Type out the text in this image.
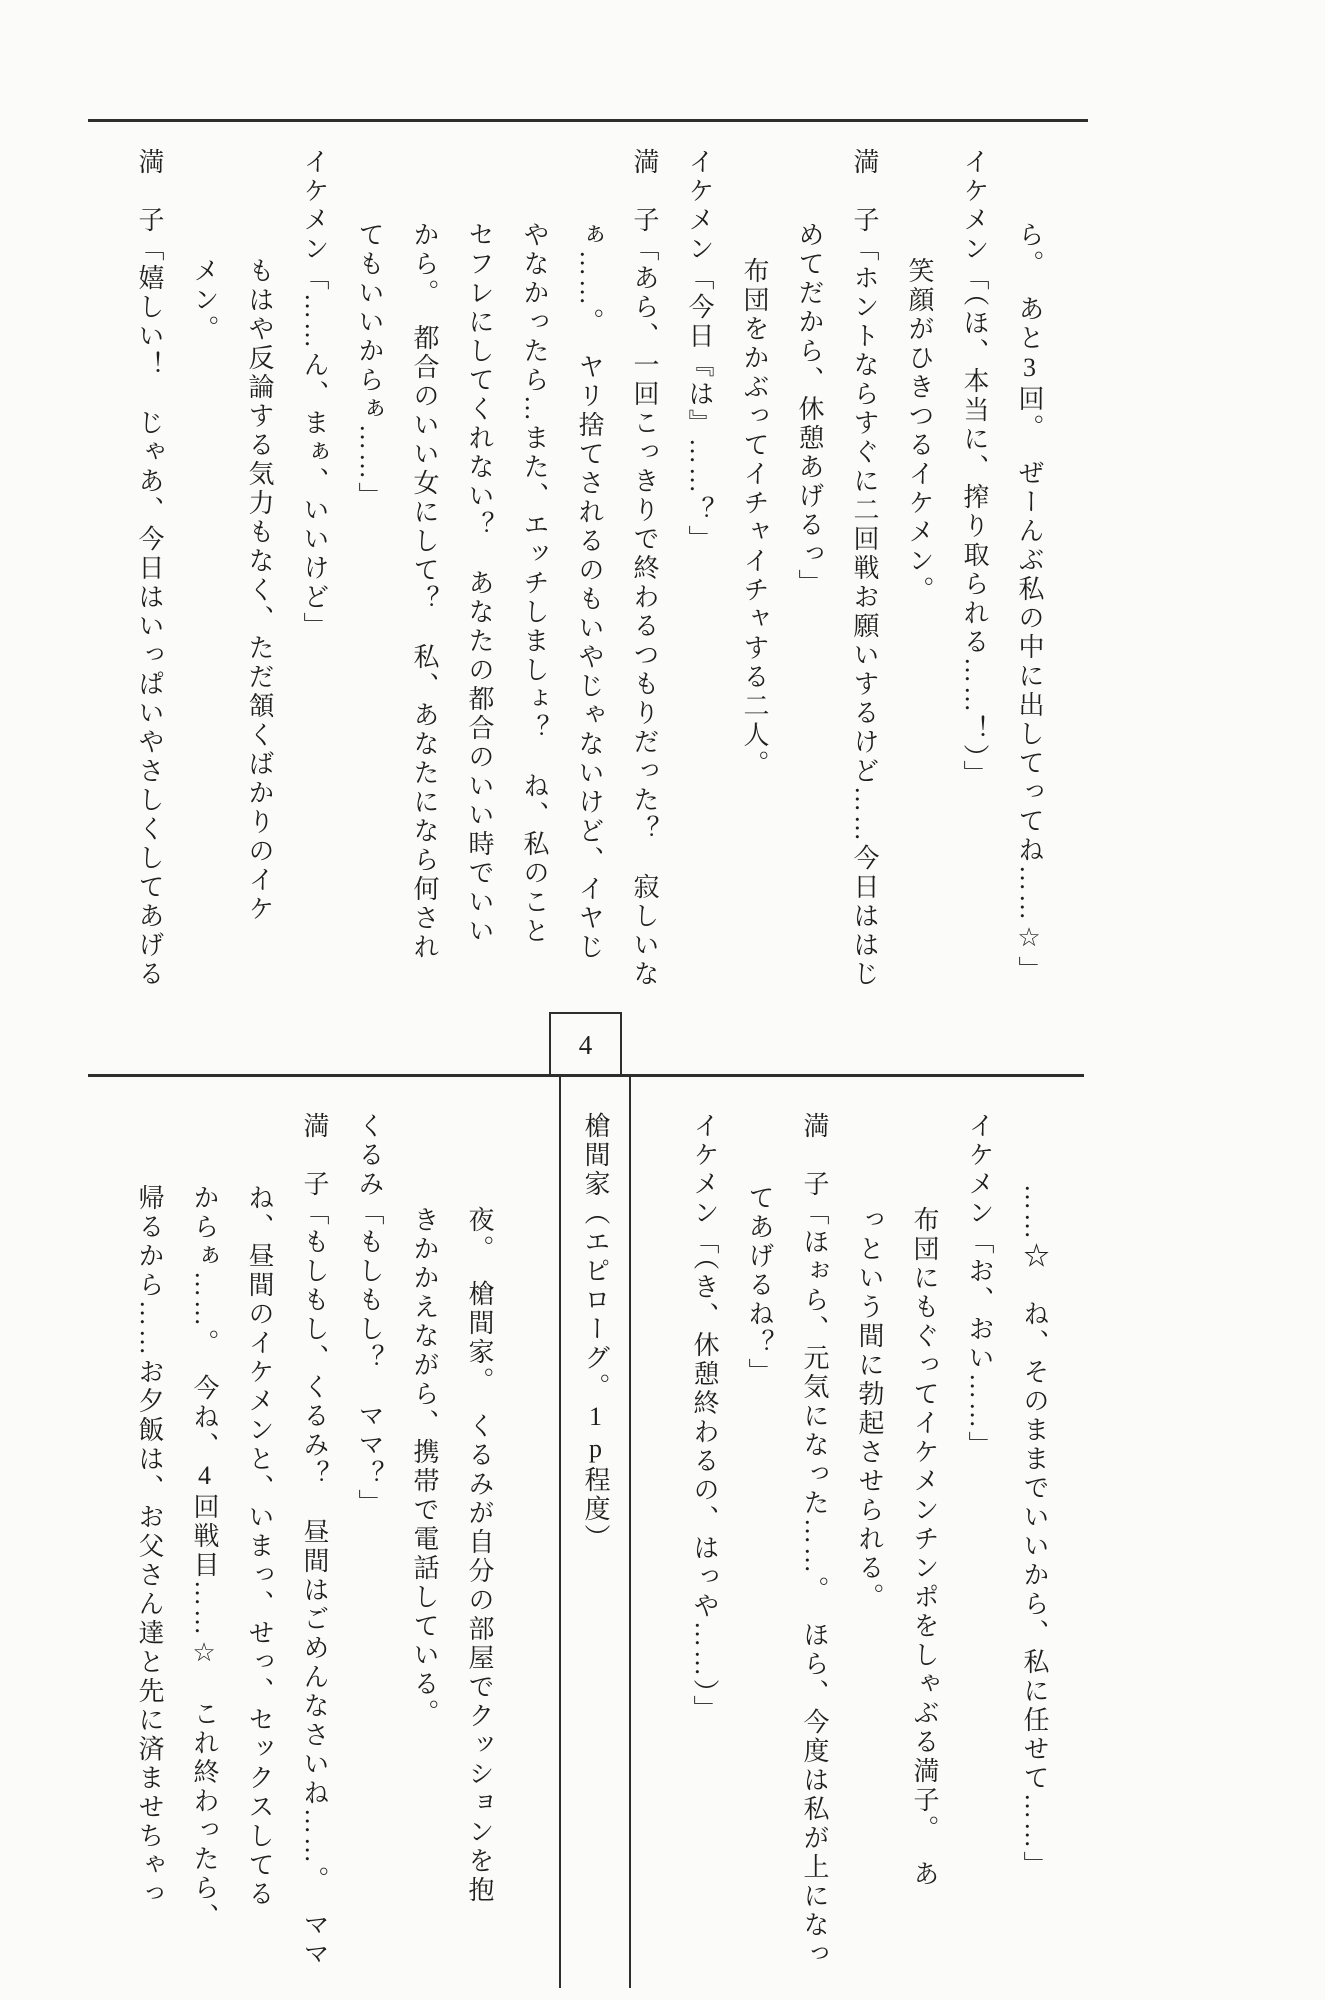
4
ら。　あと3回。　ぜーんぶ私の中に出してってね……☆」
イケメン「（ほ、本当に、搾り取られる……！）」
笑顔がひきつるイケメン。
満　子「ホントならすぐに二回戦お願いするけど……今日ははじ
めてだから、休憩あげるっ」
布団をかぶってイチャイチャする二人。
イケメン「今日『は』……？」
満　子「あら、一回こっきりで終わるつもりだった？　寂しいな
ぁ……。　ヤリ捨てされるのもいやじゃないけど、イヤじ
やなかったら…また、エッチしましょ？　ね、私のこと
セフレにしてくれない？　あなたの都合のいい時でいい
から。　都合のいい女にして？　私、あなたになら何され
てもいいからぁ……」
イケメン「……ん、まぁ、いいけど」
もはや反論する気力もなく、ただ頷くばかりのイケ
メン。
満　子「嬉しい！　じゃあ、今日はいっぱいやさしくしてあげる
……☆　ね、そのままでいいから、私に任せて……」
イケメン「お、おい……」
布団にもぐってイケメンチンポをしゃぶる満子。　あ
っという間に勃起させられる。
満　子「ほぉら、元気になった……。　ほら、今度は私が上になっ
てあげるね？」
イケメン「（き、休憩終わるの、はっや……）」
槍間家（エピローグ。1p程度）
夜。　槍間家。　くるみが自分の部屋でクッションを抱
きかかえながら、携帯で電話している。
くるみ「もしもし？　ママ？」
満　子「もしもし、くるみ？　昼間はごめんなさいね……。　ママ
ね、昼間のイケメンと、いまっ、せっ、セックスしてる
からぁ……。　今ね、4回戦目……☆　これ終わったら、
帰るから……お夕飯は、お父さん達と先に済ませちゃっ
